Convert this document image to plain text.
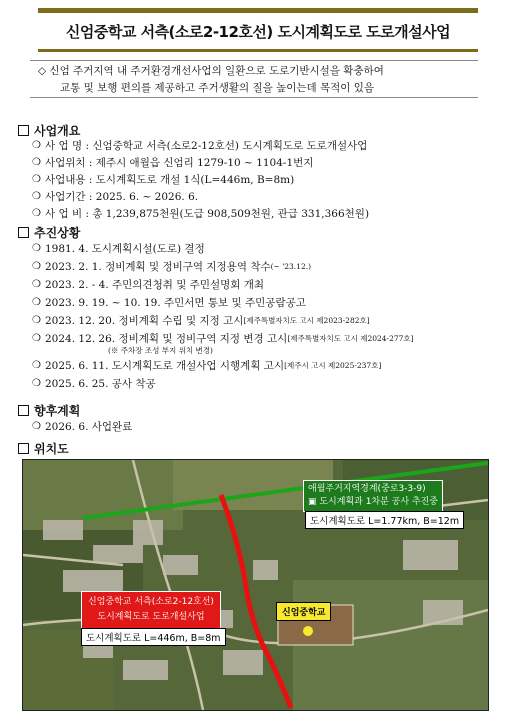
신엄중학교 서측(소로2-12호선) 도시계획도로 도로개설사업
◇ 신엄 주거지역 내 주거환경개선사업의 일환으로 도로기반시설을 확충하여
교통 및 보행 편의를 제공하고 주거생활의 질을 높이는데 목적이 있음
사업개요
❍ 사 업 명 : 신엄중학교 서측(소로2-12호선) 도시계획도로 도로개설사업
❍ 사업위치 : 제주시 애월읍 신엄리 1279-10 ~ 1104-1번지
❍ 사업내용 : 도시계획도로 개설 1식(L=446m, B=8m)
❍ 사업기간 : 2025. 6. ~ 2026. 6.
❍ 사 업 비 : 총 1,239,875천원(도급 908,509천원, 관급 331,366천원)
추진상황
❍ 1981. 4. 도시계획시설(도로) 결정
❍ 2023. 2. 1. 정비계획 및 정비구역 지정용역 착수 (~ '23.12.)
❍ 2023. 2. - 4. 주민의견청취 및 주민설명회 개최
❍ 2023. 9. 19. ~ 10. 19. 주민서면 통보 및 주민공람공고
❍ 2023. 12. 20. 정비계획 수립 및 지정 고시 [제주특별자치도 고시 제2023-282호]
❍ 2024. 12. 26. 정비계획 및 정비구역 지정 변경 고시 [제주특별자치도 고시 제2024-277호]
(※ 주차장 조성 부지 위치 변경)
❍ 2025. 6. 11. 도시계획도로 개설사업 시행계획 고시 [제주시 고시 제2025-237호]
❍ 2025. 6. 25. 공사 착공
향후계획
❍ 2026. 6. 사업완료
위치도
애월주거지역경계(중로3-3-9)
▣ 도시계획과 1차분 공사 추진중
도시계획도로 L=1.77km, B=12m
신엄중학교 서측(소로2-12호선)
도시계획도로 도로개설사업
도시계획도로 L=446m, B=8m
신엄중학교
